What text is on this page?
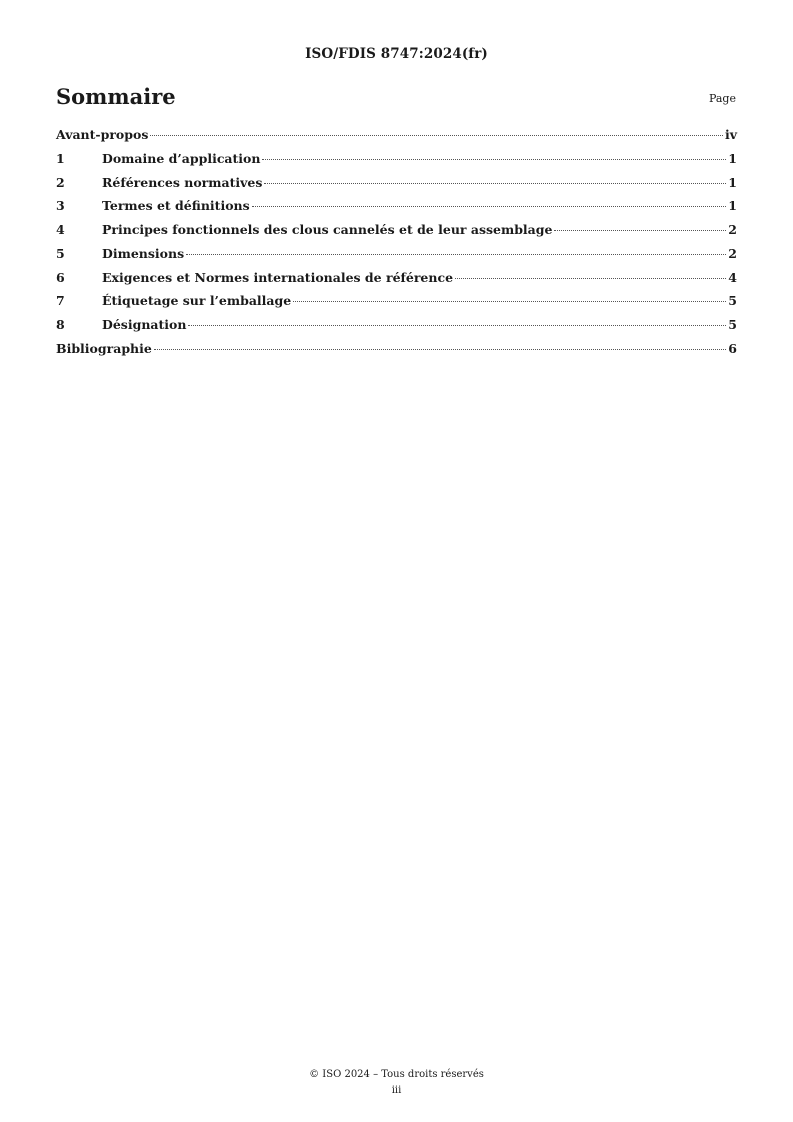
ISO/FDIS 8747:2024(fr)
Sommaire	Page
Avant-propos	iv
1	Domaine d’application	1
2	Références normatives	1
3	Termes et définitions	1
4	Principes fonctionnels des clous cannelés et de leur assemblage	2
5	Dimensions	2
6	Exigences et Normes internationales de référence	4
7	Étiquetage sur l’emballage	5
8	Désignation	5
Bibliographie	6
© ISO 2024 – Tous droits réservés
iii
